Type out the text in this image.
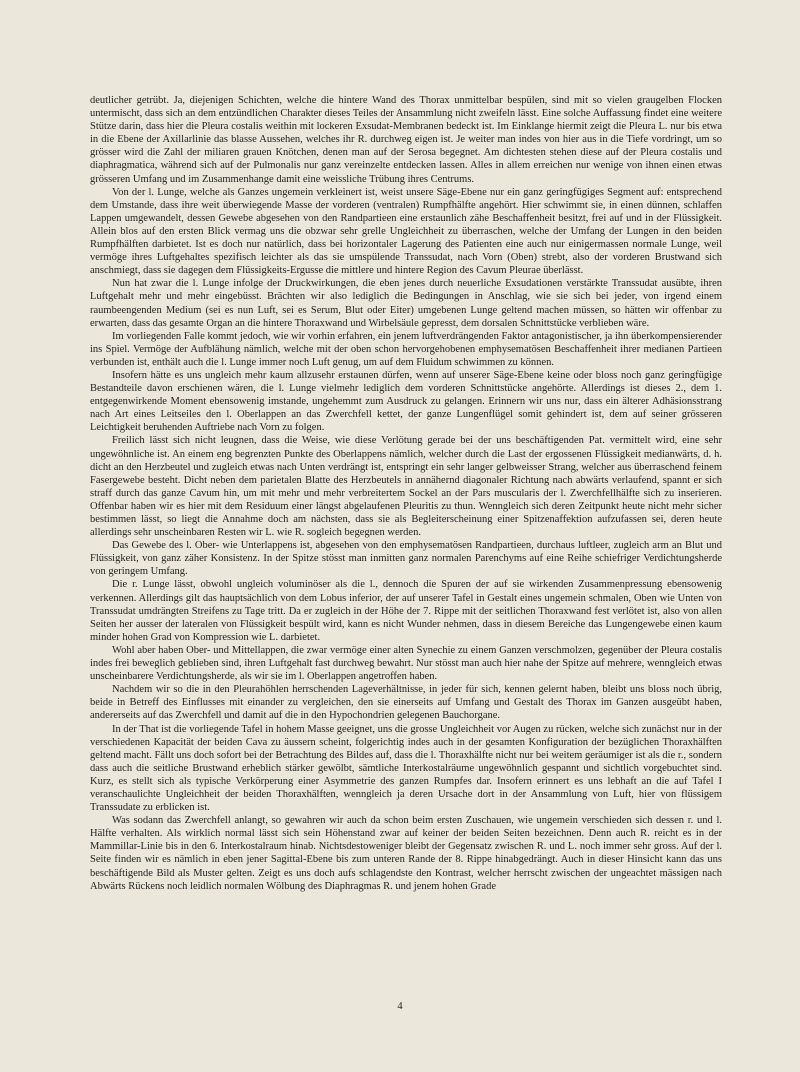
deutlicher getrübt. Ja, diejenigen Schichten, welche die hintere Wand des Thorax unmittelbar bespülen, sind mit so vielen graugelben Flocken untermischt, dass sich an dem entzündlichen Charakter dieses Teiles der Ansammlung nicht zweifeln lässt. Eine solche Auffassung findet eine weitere Stütze darin, dass hier die Pleura costalis weithin mit lockeren Exsudat-Membranen bedeckt ist. Im Einklange hiermit zeigt die Pleura L. nur bis etwa in die Ebene der Axillarlinie das blasse Aussehen, welches ihr R. durchweg eigen ist. Je weiter man indes von hier aus in die Tiefe vordringt, um so grösser wird die Zahl der miliaren grauen Knötchen, denen man auf der Serosa begegnet. Am dichtesten stehen diese auf der Pleura costalis und diaphragmatica, während sich auf der Pulmonalis nur ganz vereinzelte entdecken lassen. Alles in allem erreichen nur wenige von ihnen einen etwas grösseren Umfang und im Zusammenhange damit eine weissliche Trübung ihres Centrums.

Von der l. Lunge, welche als Ganzes ungemein verkleinert ist, weist unsere Säge-Ebene nur ein ganz geringfügiges Segment auf: entsprechend dem Umstande, dass ihre weit überwiegende Masse der vorderen (ventralen) Rumpfhälfte angehört. Hier schwimmt sie, in einen dünnen, schlaffen Lappen umgewandelt, dessen Gewebe abgesehen von den Randpartieen eine erstaunlich zähe Beschaffenheit besitzt, frei auf und in der Flüssigkeit. Allein blos auf den ersten Blick vermag uns die obzwar sehr grelle Ungleichheit zu überraschen, welche der Umfang der Lungen in den beiden Rumpfhälften darbietet. Ist es doch nur natürlich, dass bei horizontaler Lagerung des Patienten eine auch nur einigermassen normale Lunge, weil vermöge ihres Luftgehaltes spezifisch leichter als das sie umspülende Transsudat, nach Vorn (Oben) strebt, also der vorderen Brustwand sich anschmiegt, dass sie dagegen dem Flüssigkeits-Ergusse die mittlere und hintere Region des Cavum Pleurae überlässt.

Nun hat zwar die l. Lunge infolge der Druckwirkungen, die eben jenes durch neuerliche Exsudationen verstärkte Transsudat ausübte, ihren Luftgehalt mehr und mehr eingebüsst. Brächten wir also lediglich die Bedingungen in Anschlag, wie sie sich bei jeder, von irgend einem raumbeengenden Medium (sei es nun Luft, sei es Serum, Blut oder Eiter) umgebenen Lunge geltend machen müssen, so hätten wir offenbar zu erwarten, dass das gesamte Organ an die hintere Thoraxwand und Wirbelsäule gepresst, dem dorsalen Schnittstücke verblieben wäre.

Im vorliegenden Falle kommt jedoch, wie wir vorhin erfahren, ein jenem luftverdrängenden Faktor antagonistischer, ja ihn überkompensierender ins Spiel. Vermöge der Aufblähung nämlich, welche mit der oben schon hervorgehobenen emphysematösen Beschaffenheit ihrer medianen Partieen verbunden ist, enthält auch die l. Lunge immer noch Luft genug, um auf dem Fluidum schwimmen zu können.

Insofern hätte es uns ungleich mehr kaum allzusehr erstaunen dürfen, wenn auf unserer Säge-Ebene keine oder bloss noch ganz geringfügige Bestandteile davon erschienen wären, die l. Lunge vielmehr lediglich dem vorderen Schnittstücke angehörte. Allerdings ist dieses 2., dem 1. entgegenwirkende Moment ebensowenig imstande, ungehemmt zum Ausdruck zu gelangen. Erinnern wir uns nur, dass ein älterer Adhäsionsstrang nach Art eines Leitseiles den l. Oberlappen an das Zwerchfell kettet, der ganze Lungenflügel somit gehindert ist, dem auf seiner grösseren Leichtigkeit beruhenden Auftriebe nach Vorn zu folgen.

Freilich lässt sich nicht leugnen, dass die Weise, wie diese Verlötung gerade bei der uns beschäftigenden Pat. vermittelt wird, eine sehr ungewöhnliche ist. An einem eng begrenzten Punkte des Oberlappens nämlich, welcher durch die Last der ergossenen Flüssigkeit medianwärts, d. h. dicht an den Herzbeutel und zugleich etwas nach Unten verdrängt ist, entspringt ein sehr langer gelbweisser Strang, welcher aus überraschend feinem Fasergewebe besteht. Dicht neben dem parietalen Blatte des Herzbeutels in annähernd diagonaler Richtung nach abwärts verlaufend, spannt er sich straff durch das ganze Cavum hin, um mit mehr und mehr verbreitertem Sockel an der Pars muscularis der l. Zwerchfellhälfte sich zu inserieren. Offenbar haben wir es hier mit dem Residuum einer längst abgelaufenen Pleuritis zu thun. Wenngleich sich deren Zeitpunkt heute nicht mehr sicher bestimmen lässt, so liegt die Annahme doch am nächsten, dass sie als Begleiterscheinung einer Spitzenaffektion aufzufassen sei, deren heute allerdings sehr unscheinbaren Resten wir L. wie R. sogleich begegnen werden.

Das Gewebe des l. Ober- wie Unterlappens ist, abgesehen von den emphysematösen Randpartieen, durchaus luftleer, zugleich arm an Blut und Flüssigkeit, von ganz zäher Konsistenz. In der Spitze stösst man inmitten ganz normalen Parenchyms auf eine Reihe schiefriger Verdichtungsherde von geringem Umfang.

Die r. Lunge lässt, obwohl ungleich voluminöser als die l., dennoch die Spuren der auf sie wirkenden Zusammenpressung ebensowenig verkennen. Allerdings gilt das hauptsächlich von dem Lobus inferior, der auf unserer Tafel in Gestalt eines ungemein schmalen, Oben wie Unten von Transsudat umdrängten Streifens zu Tage tritt. Da er zugleich in der Höhe der 7. Rippe mit der seitlichen Thoraxwand fest verlötet ist, also von allen Seiten her ausser der lateralen von Flüssigkeit bespült wird, kann es nicht Wunder nehmen, dass in diesem Bereiche das Lungengewebe einen kaum minder hohen Grad von Kompression wie L. darbietet.

Wohl aber haben Ober- und Mittellappen, die zwar vermöge einer alten Synechie zu einem Ganzen verschmolzen, gegenüber der Pleura costalis indes frei beweglich geblieben sind, ihren Luftgehalt fast durchweg bewahrt. Nur stösst man auch hier nahe der Spitze auf mehrere, wenngleich etwas unscheinbarere Verdichtungsherde, als wir sie im l. Oberlappen angetroffen haben.

Nachdem wir so die in den Pleurahöhlen herrschenden Lageverhältnisse, in jeder für sich, kennen gelernt haben, bleibt uns bloss noch übrig, beide in Betreff des Einflusses mit einander zu vergleichen, den sie einerseits auf Umfang und Gestalt des Thorax im Ganzen ausgeübt haben, andererseits auf das Zwerchfell und damit auf die in den Hypochondrien gelegenen Bauchorgane.

In der That ist die vorliegende Tafel in hohem Masse geeignet, uns die grosse Ungleichheit vor Augen zu rücken, welche sich zunächst nur in der verschiedenen Kapacität der beiden Cava zu äussern scheint, folgerichtig indes auch in der gesamten Konfiguration der bezüglichen Thoraxhälften geltend macht. Fällt uns doch sofort bei der Betrachtung des Bildes auf, dass die l. Thoraxhälfte nicht nur bei weitem geräumiger ist als die r., sondern dass auch die seitliche Brustwand erheblich stärker gewölbt, sämtliche Interkostalräume ungewöhnlich gespannt und sichtlich vorgebuchtet sind. Kurz, es stellt sich als typische Verkörperung einer Asymmetrie des ganzen Rumpfes dar. Insofern erinnert es uns lebhaft an die auf Tafel I veranschaulichte Ungleichheit der beiden Thoraxhälften, wenngleich ja deren Ursache dort in der Ansammlung von Luft, hier von flüssigem Transsudate zu erblicken ist.

Was sodann das Zwerchfell anlangt, so gewahren wir auch da schon beim ersten Zuschauen, wie ungemein verschieden sich dessen r. und l. Hälfte verhalten. Als wirklich normal lässt sich sein Höhenstand zwar auf keiner der beiden Seiten bezeichnen. Denn auch R. reicht es in der Mammillar-Linie bis in den 6. Interkostalraum hinab. Nichtsdestoweniger bleibt der Gegensatz zwischen R. und L. noch immer sehr gross. Auf der l. Seite finden wir es nämlich in eben jener Sagittal-Ebene bis zum unteren Rande der 8. Rippe hinabgedrängt. Auch in dieser Hinsicht kann das uns beschäftigende Bild als Muster gelten. Zeigt es uns doch aufs schlagendste den Kontrast, welcher herrscht zwischen der ungeachtet mässigen nach Abwärts Rückens noch leidlich normalen Wölbung des Diaphragmas R. und jenem hohen Grade

4
